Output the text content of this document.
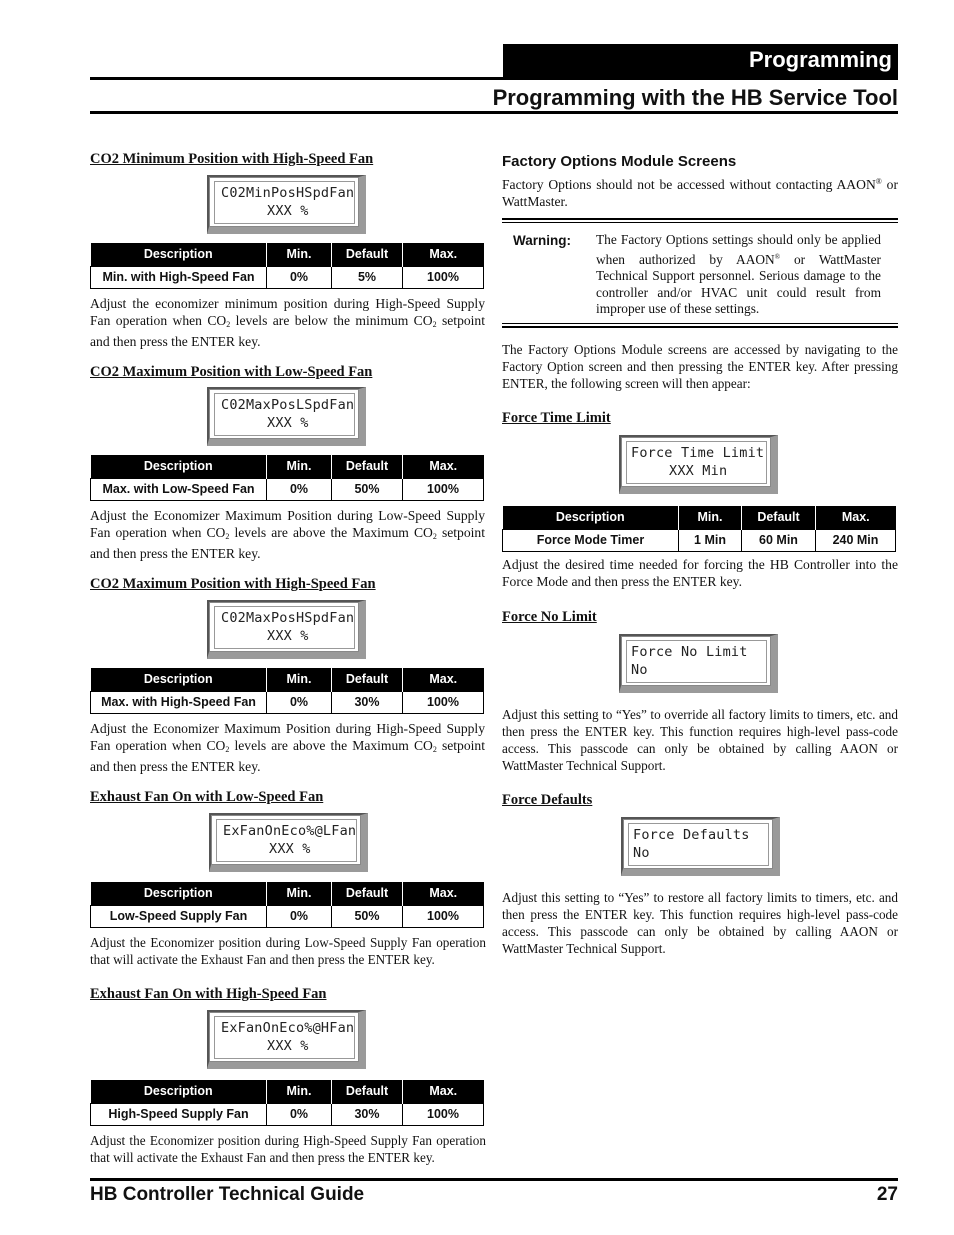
Programming
Programming with the HB Service Tool
CO2 Minimum Position with High-Speed Fan
C02MinPosHSpdFan
XXX %
Description	Min.	Default	Max.
Min. with High-Speed Fan	0%	5%	100%
Adjust the economizer minimum position during High-Speed Supply Fan operation when $CO_2$ levels are below the minimum $CO_2$ setpoint and then press the ENTER key.
CO2 Maximum Position with Low-Speed Fan
C02MaxPosLSpdFan
XXX %
Description	Min.	Default	Max.
Max. with Low-Speed Fan	0%	50%	100%
Adjust the Economizer Maximum Position during Low-Speed Supply Fan operation when $CO_2$ levels are above the Maximum $CO_2$ setpoint and then press the ENTER key.
CO2 Maximum Position with High-Speed Fan
C02MaxPosHSpdFan
XXX %
Description	Min.	Default	Max.
Max. with High-Speed Fan	0%	30%	100%
Adjust the Economizer Maximum Position during High-Speed Supply Fan operation when $CO_2$ levels are above the Maximum $CO_2$ setpoint and then press the ENTER key.
Exhaust Fan On with Low-Speed Fan
ExFanOnEco%@LFan
XXX %
Description	Min.	Default	Max.
Low-Speed Supply Fan	0%	50%	100%
Adjust the Economizer position during Low-Speed Supply Fan operation that will activate the Exhaust Fan and then press the ENTER key.
Exhaust Fan On with High-Speed Fan
ExFanOnEco%@HFan
XXX %
Description	Min.	Default	Max.
High-Speed Supply Fan	0%	30%	100%
Adjust the Economizer position during High-Speed Supply Fan operation that will activate the Exhaust Fan and then press the ENTER key.
Factory Options Module Screens
Factory Options should not be accessed without contacting AAON® or WattMaster.
Warning: The Factory Options settings should only be applied when authorized by AAON® or WattMaster Technical Support personnel. Serious damage to the controller and/or HVAC unit could result from improper use of these settings.
The Factory Options Module screens are accessed by navigating to the Factory Option screen and then pressing the ENTER key. After pressing ENTER, the following screen will then appear:
Force Time Limit
Force Time Limit
XXX Min
Description	Min.	Default	Max.
Force Mode Timer	1 Min	60 Min	240 Min
Adjust the desired time needed for forcing the HB Controller into the Force Mode and then press the ENTER key.
Force No Limit
Force No Limit
No
Adjust this setting to “Yes” to override all factory limits to timers, etc. and then press the ENTER key. This function requires high-level pass-code access. This passcode can only be obtained by calling AAON or WattMaster Technical Support.
Force Defaults
Force Defaults
No
Adjust this setting to “Yes” to restore all factory limits to timers, etc. and then press the ENTER key. This function requires high-level pass-code access. This passcode can only be obtained by calling AAON or WattMaster Technical Support.
HB Controller Technical Guide	27
